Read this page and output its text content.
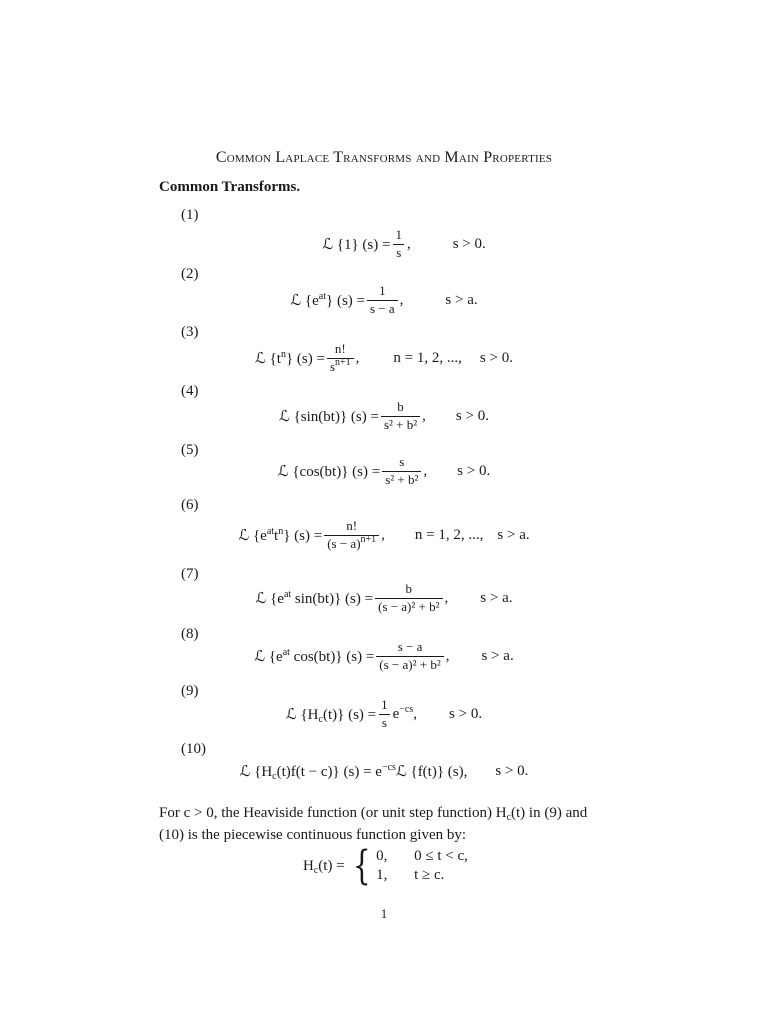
Common Laplace Transforms and Main Properties
Common Transforms.
(1)
(2)
(3)
(4)
(5)
(6)
(7)
(8)
(9)
(10)
ℒ {1} $(s) = \frac{1}{s}$ ,	s > 0.
ℒ $\{e^{at}\} (s) = \frac{1}{s - a}$ ,	s > a.
ℒ $\{t^n\} (s) = \frac{n!}{s^{n+1}}$ , n = 1, 2, ..., s > 0.
ℒ {sin(bt)} $(s) = \frac{b}{\text{s² + b²}}$ , s > 0.
ℒ {cos(bt)} $(s) = \frac{s}{\text{s² + b²}}$ , s > 0.
ℒ $\{e^{at}t^n\} (s) = \frac{n!}{(s - a)^{n+1}}$ , n = 1, 2, ..., s > a.
ℒ {$e^{at}$ sin(bt)} $(s) = \frac{b}{\text{(s − a)² + b²}}$ , s > a.
ℒ {$e^{at}$ cos(bt)} $(s) = \frac{s - a}{\text{(s − a)² + b²}}$ , s > a.
ℒ $\{H_c(t)\} (s) = \frac{1}{s} e^{-cs}$, s > 0.
ℒ $\{H_c(t)f(t - c)\} (s)$ = $e^{-cs}ℒ$ {f(t)} (s), s > 0.
For c > 0, the Heaviside function (or unit step function) $H_c(t)$ in (9) and
(10) is the piecewise continuous function given by:
$H_c(t)$ = { 0,	0 ≤ t < c,
1,	t ≥ c.
1
